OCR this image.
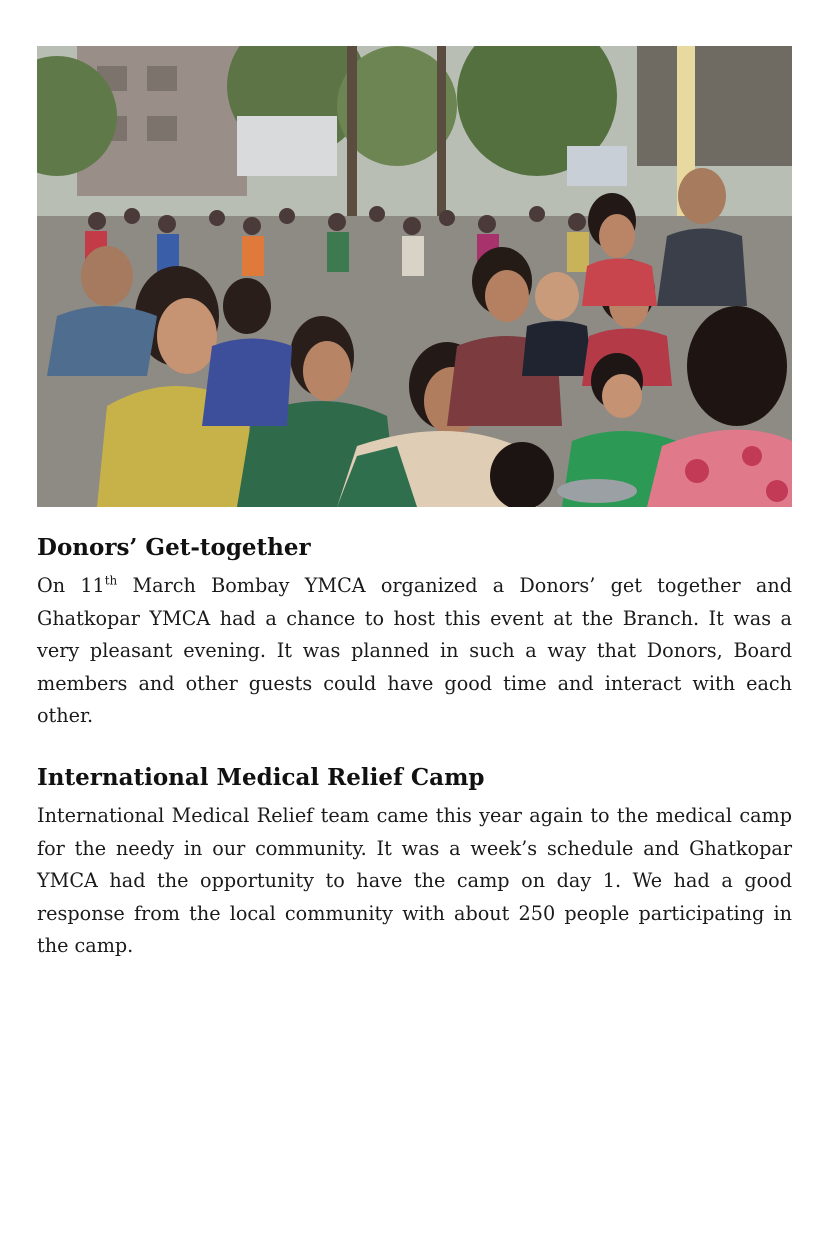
Donors’ Get-together

On 11th March Bombay YMCA organized a Donors’ get together and Ghatkopar YMCA had a chance to host this event at the Branch. It was a very pleasant evening. It was planned in such a way that Donors, Board members and other guests could have good time and interact with each other.

International Medical Relief Camp

International Medical Relief team came this year again to the medical camp for the needy in our community. It was a week’s schedule and Ghatkopar YMCA had the opportunity to have the camp on day 1. We had a good response from the local community with about 250 people participating in the camp.
